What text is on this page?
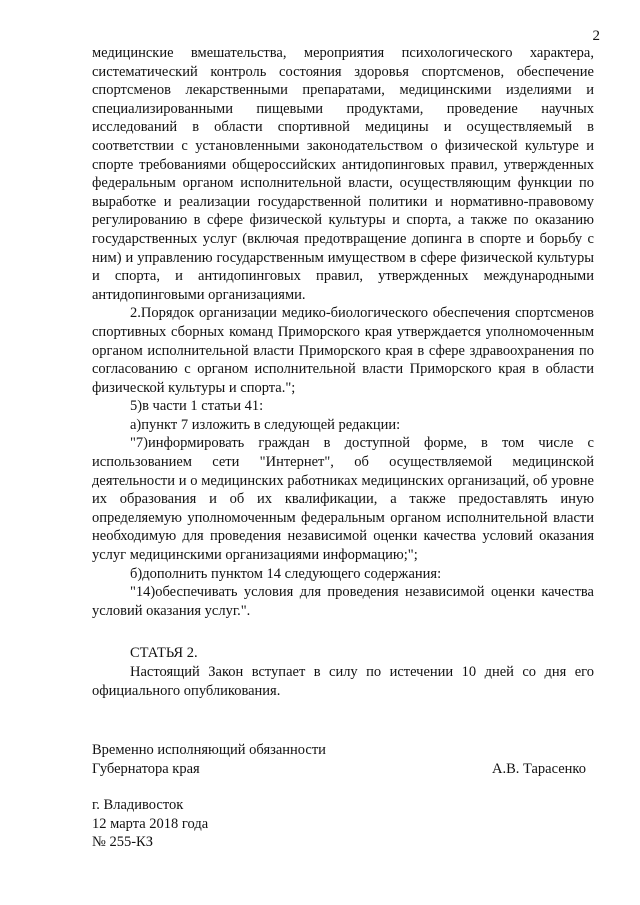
2

медицинские вмешательства, мероприятия психологического характера, систематический контроль состояния здоровья спортсменов, обеспечение спортсменов лекарственными препаратами, медицинскими изделиями и специализированными пищевыми продуктами, проведение научных исследований в области спортивной медицины и осуществляемый в соответствии с установленными законодательством о физической культуре и спорте требованиями общероссийских антидопинговых правил, утвержденных федеральным органом исполнительной власти, осуществляющим функции по выработке и реализации государственной политики и нормативно-правовому регулированию в сфере физической культуры и спорта, а также по оказанию государственных услуг (включая предотвращение допинга в спорте и борьбу с ним) и управлению государственным имуществом в сфере физической культуры и спорта, и антидопинговых правил, утвержденных международными антидопинговыми организациями.

2.Порядок организации медико-биологического обеспечения спортсменов спортивных сборных команд Приморского края утверждается уполномоченным органом исполнительной власти Приморского края в сфере здравоохранения по согласованию с органом исполнительной власти Приморского края в области физической культуры и спорта.";

5)в части 1 статьи 41:

а)пункт 7 изложить в следующей редакции:

"7)информировать граждан в доступной форме, в том числе с использованием сети "Интернет", об осуществляемой медицинской деятельности и о медицинских работниках медицинских организаций, об уровне их образования и об их квалификации, а также предоставлять иную определяемую уполномоченным федеральным органом исполнительной власти необходимую для проведения независимой оценки качества условий оказания услуг медицинскими организациями информацию;";

б)дополнить пунктом 14 следующего содержания:

"14)обеспечивать условия для проведения независимой оценки качества условий оказания услуг.".

СТАТЬЯ 2.

Настоящий Закон вступает в силу по истечении 10 дней со дня его официального опубликования.

Временно исполняющий обязанности
Губернатора края	А.В. Тарасенко
г. Владивосток
12 марта 2018 года
№ 255-КЗ
